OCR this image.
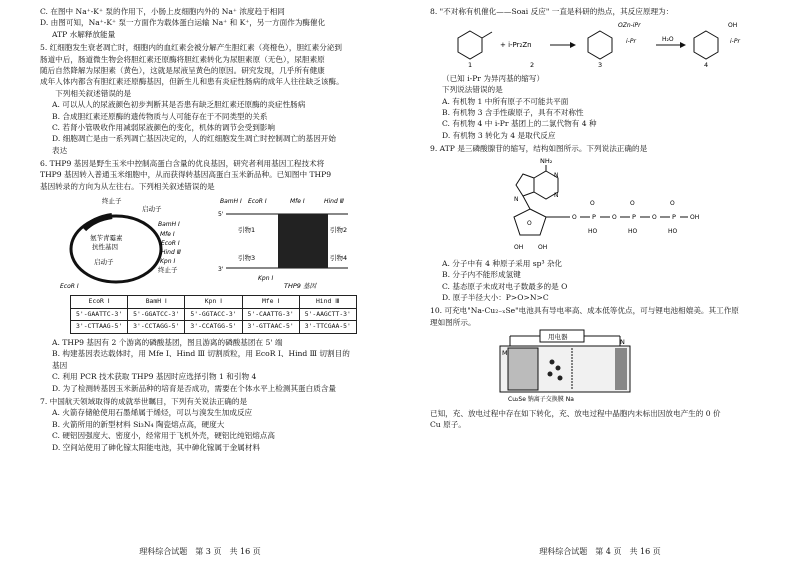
C. 在图中 Na⁺-K⁺ 泵的作用下，小肠上皮细胞内外的 Na⁺ 浓度趋于相同

D. 由图可知，Na⁺-K⁺ 泵一方面作为载体蛋白运输 Na⁺ 和 K⁺，另一方面作为酶催化

ATP 水解释放能量

5. 红细胞发生衰老凋亡时，细胞内的血红素会被分解产生胆红素（亮橙色），胆红素分泌到

肠道中后，肠道微生物会将胆红素还原酶将胆红素转化为尿胆素原（无色），尿胆素原

随后自然降解为尿胆素（黄色），这就是尿液呈黄色的原因。研究发现，几乎所有健康

成年人体内都含有胆红素还原酶基因，但新生儿和患有炎症性肠病的成年人往往缺乏该酶。

下列相关叙述错误的是

A. 可以从人的尿液颜色初步判断其是否患有缺乏胆红素还原酶的炎症性肠病

B. 合成胆红素还原酶的遗传物质与人可能存在于不同类型的关系

C. 若肾小管吸收作用减弱尿液颜色的变化，机体的调节会受到影响

D. 细胞凋亡是由一系列凋亡基因决定的，人的红细胞发生凋亡时控制凋亡的基因开始

表达

6. THP9 基因是野生玉米中控制高蛋白含量的优良基因，研究者利用基因工程技术将

THP9 基因转入普通玉米细胞中，从而获得转基因高蛋白玉米新品种。已知图中 THP9

基因转录的方向为从左往右。下列相关叙述错误的是

终止子
启动子
BamH Ⅰ
Mfe Ⅰ
EcoR Ⅰ
Hind Ⅲ
Kpn Ⅰ
终止子
EcoR Ⅰ
氨苄青霉素
抗性基因
启动子
BamH Ⅰ EcoR Ⅰ	Mfe Ⅰ	Hind Ⅲ
5'
引物1	引物2
引物3	引物4
3'
Kpn Ⅰ
THP9 基因
EcoR Ⅰ	BamH Ⅰ	Kpn Ⅰ	Mfe Ⅰ	Hind Ⅲ
5'-GAATTC-3'	5'-GGATCC-3'	5'-GGTACC-3'	5'-CAATTG-3'	5'-AAGCTT-3'
3'-CTTAAG-5'	3'-CCTAGG-5'	3'-CCATGG-5'	3'-GTTAAC-5'	3'-TTCGAA-5'

A. THP9 基因有 2 个游离的磷酸基团，图且游离的磷酸基团在 5' 端

B. 构建基因表达载体时，用 Mfe Ⅰ、Hind Ⅲ 切割质粒，用 EcoR Ⅰ、Hind Ⅲ 切割目的

基因

C. 利用 PCR 技术获取 THP9 基因时应选择引物 1 和引物 4

D. 为了检测转基因玉米新品种的培育是否成功，需要在个体水平上检测其蛋白质含量

7. 中国航天领域取得的成就举世瞩目，下列有关说法正确的是

A. 火箭存储舱使用石墨烯属于烯烃，可以与溴发生加成反应

B. 火箭所用的新型材料 Si₃N₄ 陶瓷熔点高，硬度大

C. 硬铝因强度大、密度小，经常用于飞机外壳，硬铝比纯铝熔点高

D. 空间站使用了砷化镓太阳能电池，其中砷化镓属于金属材料

理科综合试题　第 3 页　共 16 页

8. "不对称有机催化——Soai 反应" 一直是科研的热点，其反应原理为：

1
+ i-Pr₂Zn
2
OZn-iPr
i-Pr
3
H₂O
OH
i-Pr
4

（已知 i-Pr 为异丙基的缩写）

下列说法错误的是

A. 有机物 1 中所有原子不可能共平面

B. 有机物 3 含手性碳原子，具有不对称性

C. 有机物 4 中 i-Pr 基团上的二氯代物有 4 种

D. 有机物 3 转化为 4 是取代反应

9. ATP 是三磷酸腺苷的缩写，结构如图所示。下列说法正确的是

NH₂
N
N
N
O
OH OH
O P	O P	O P OH
O	O	O
HO	HO	HO

A. 分子中有 4 种原子采用 sp³ 杂化

B. 分子内不能形成氢键

C. 基态原子未成对电子数最多的是 O

D. 原子半径大小：P>O>N>C

10. 可充电"Na-Cu₂₋ₓSe"电池具有导电率高、成本低等优点，可与锂电池相媲美。其工作原

理如图所示。

用电器
M
N
Cu₂Se 钠离子交换膜 Na

已知，充、放电过程中存在如下转化，充、放电过程中晶胞内未标出因放电产生的 0 价

Cu 原子。

理科综合试题　第 4 页　共 16 页
